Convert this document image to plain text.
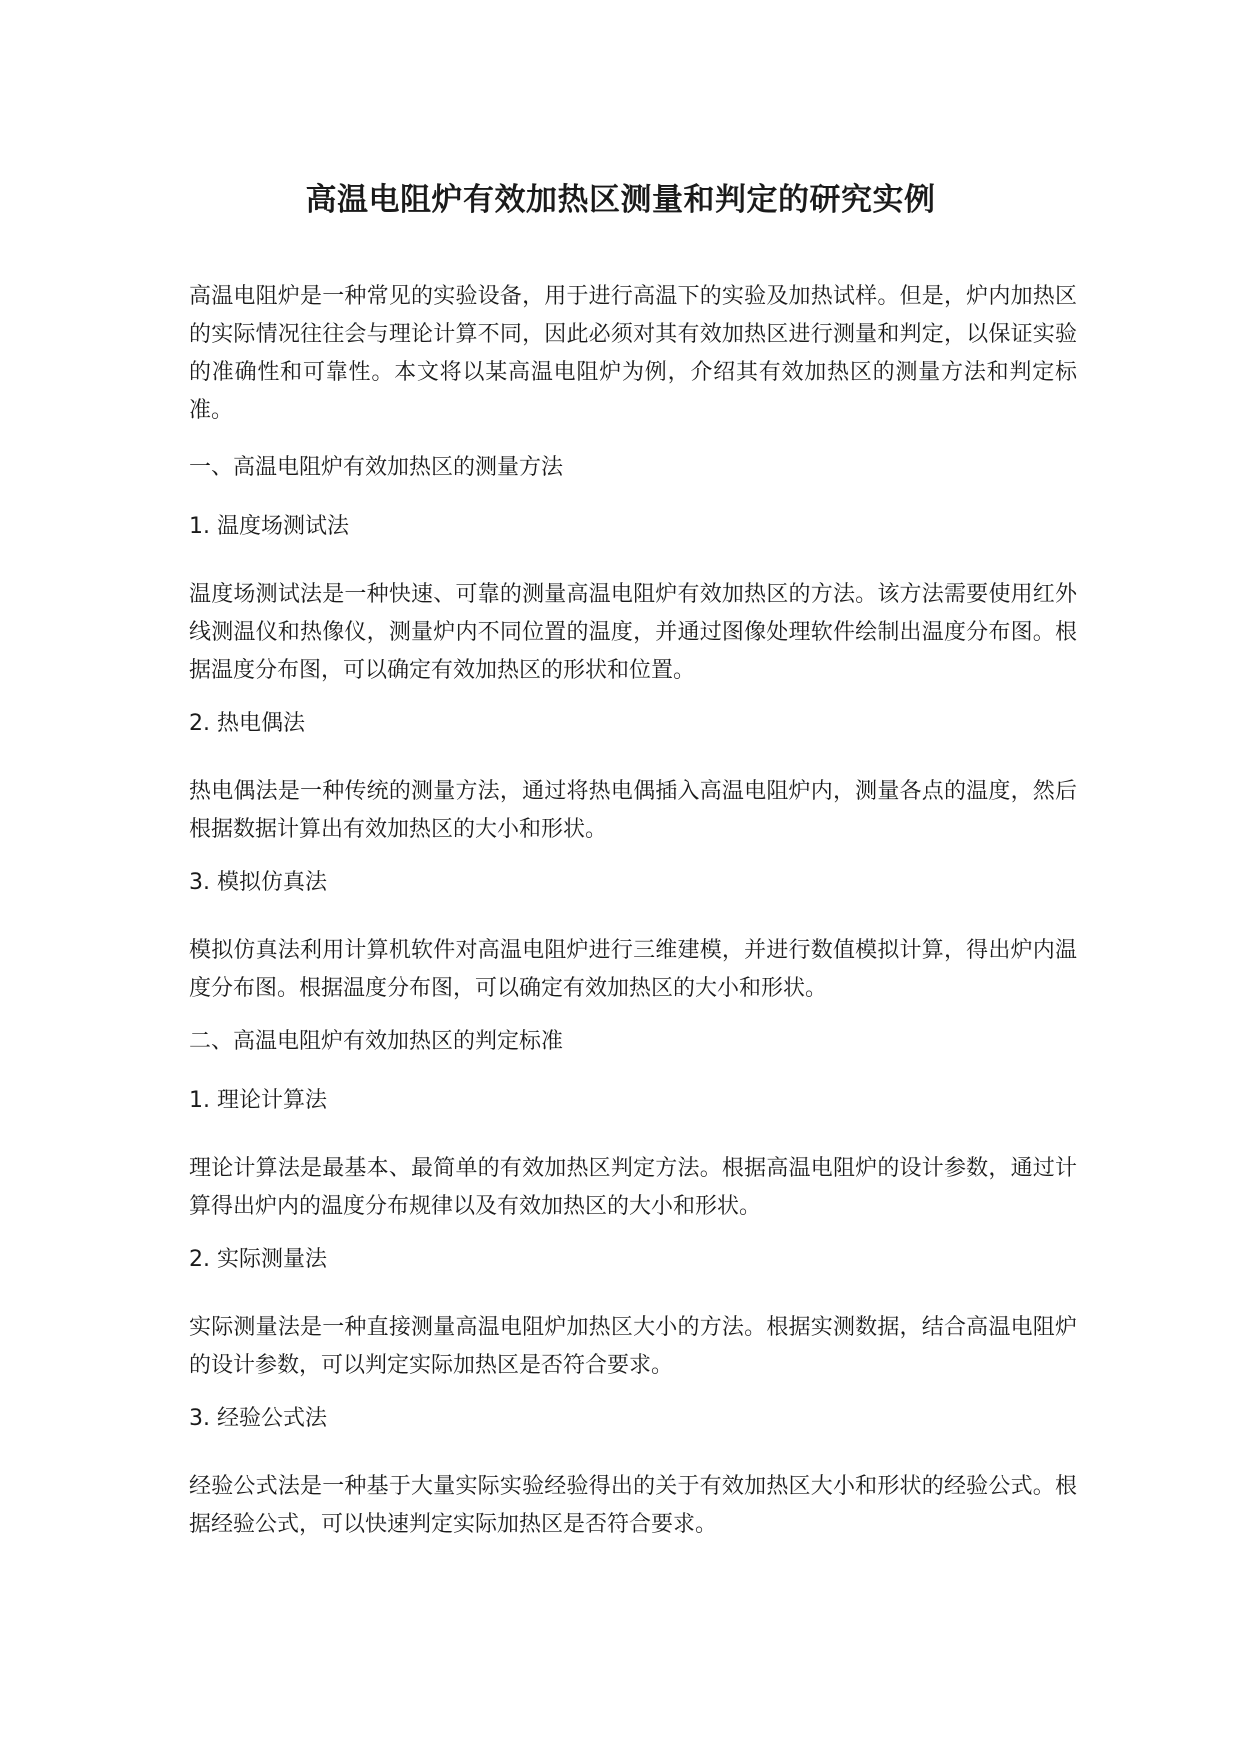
高温电阻炉有效加热区测量和判定的研究实例

高温电阻炉是一种常见的实验设备，用于进行高温下的实验及加热试样。但是，炉内加热区的实际情况往往会与理论计算不同，因此必须对其有效加热区进行测量和判定，以保证实验的准确性和可靠性。本文将以某高温电阻炉为例，介绍其有效加热区的测量方法和判定标准。

一、高温电阻炉有效加热区的测量方法

1. 温度场测试法

温度场测试法是一种快速、可靠的测量高温电阻炉有效加热区的方法。该方法需要使用红外线测温仪和热像仪，测量炉内不同位置的温度，并通过图像处理软件绘制出温度分布图。根据温度分布图，可以确定有效加热区的形状和位置。

2. 热电偶法

热电偶法是一种传统的测量方法，通过将热电偶插入高温电阻炉内，测量各点的温度，然后根据数据计算出有效加热区的大小和形状。

3. 模拟仿真法

模拟仿真法利用计算机软件对高温电阻炉进行三维建模，并进行数值模拟计算，得出炉内温度分布图。根据温度分布图，可以确定有效加热区的大小和形状。

二、高温电阻炉有效加热区的判定标准

1. 理论计算法

理论计算法是最基本、最简单的有效加热区判定方法。根据高温电阻炉的设计参数，通过计算得出炉内的温度分布规律以及有效加热区的大小和形状。

2. 实际测量法

实际测量法是一种直接测量高温电阻炉加热区大小的方法。根据实测数据，结合高温电阻炉的设计参数，可以判定实际加热区是否符合要求。

3. 经验公式法

经验公式法是一种基于大量实际实验经验得出的关于有效加热区大小和形状的经验公式。根据经验公式，可以快速判定实际加热区是否符合要求。
